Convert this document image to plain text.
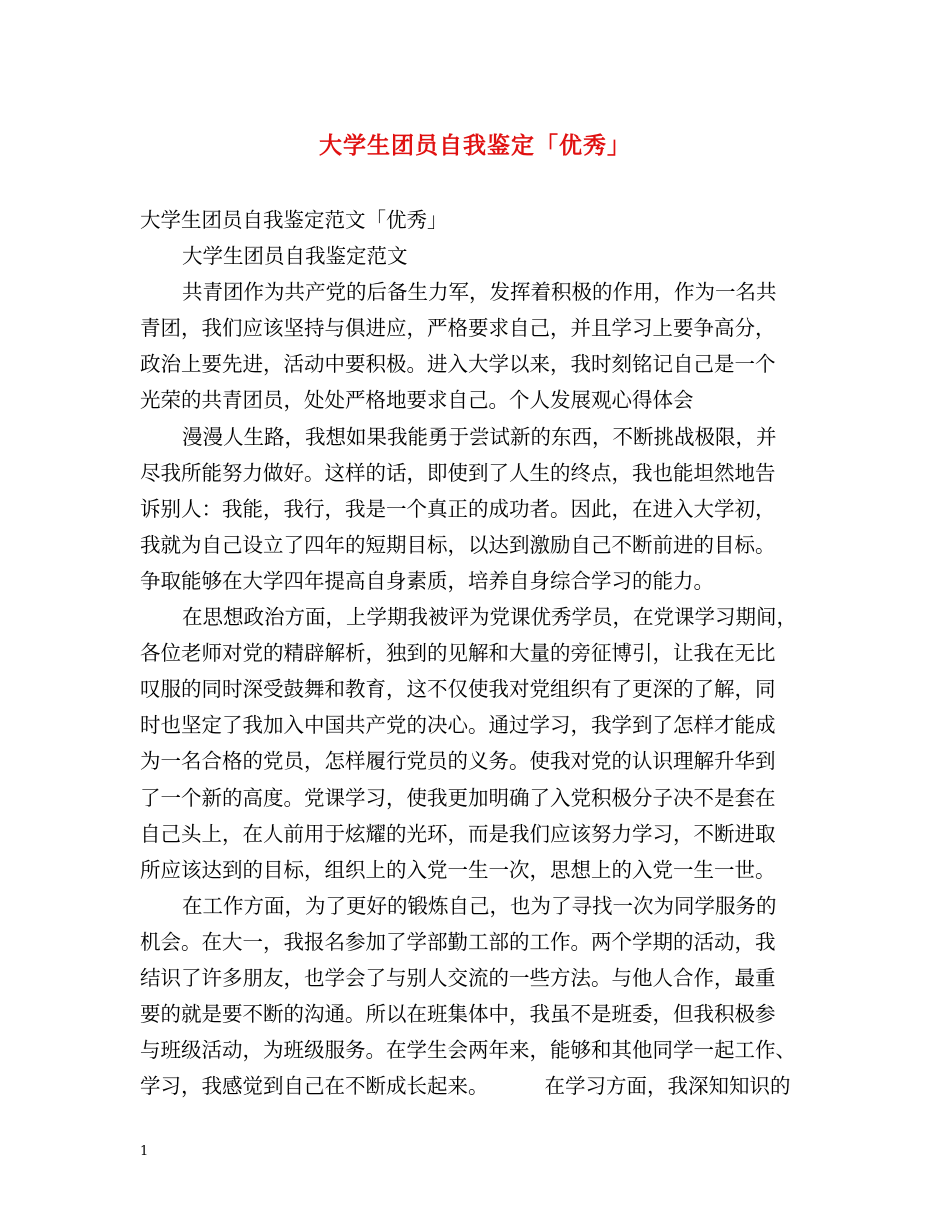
大学生团员自我鉴定「优秀」
大学生团员自我鉴定范文「优秀」
大学生团员自我鉴定范文
共青团作为共产党的后备生力军，发挥着积极的作用，作为一名共
青团，我们应该坚持与俱进应，严格要求自己，并且学习上要争高分，
政治上要先进，活动中要积极。进入大学以来，我时刻铭记自己是一个
光荣的共青团员，处处严格地要求自己。个人发展观心得体会
漫漫人生路，我想如果我能勇于尝试新的东西，不断挑战极限，并
尽我所能努力做好。这样的话，即使到了人生的终点，我也能坦然地告
诉别人：我能，我行，我是一个真正的成功者。因此，在进入大学初，
我就为自己设立了四年的短期目标，以达到激励自己不断前进的目标。
争取能够在大学四年提高自身素质，培养自身综合学习的能力。
在思想政治方面，上学期我被评为党课优秀学员，在党课学习期间，
各位老师对党的精辟解析，独到的见解和大量的旁征博引，让我在无比
叹服的同时深受鼓舞和教育，这不仅使我对党组织有了更深的了解，同
时也坚定了我加入中国共产党的决心。通过学习，我学到了怎样才能成
为一名合格的党员，怎样履行党员的义务。使我对党的认识理解升华到
了一个新的高度。党课学习，使我更加明确了入党积极分子决不是套在
自己头上，在人前用于炫耀的光环，而是我们应该努力学习，不断进取
所应该达到的目标，组织上的入党一生一次，思想上的入党一生一世。
在工作方面，为了更好的锻炼自己，也为了寻找一次为同学服务的
机会。在大一，我报名参加了学部勤工部的工作。两个学期的活动，我
结识了许多朋友，也学会了与别人交流的一些方法。与他人合作，最重
要的就是要不断的沟通。所以在班集体中，我虽不是班委，但我积极参
与班级活动，为班级服务。在学生会两年来，能够和其他同学一起工作、
学习，我感觉到自己在不断成长起来。	在学习方面，我深知知识的
1
